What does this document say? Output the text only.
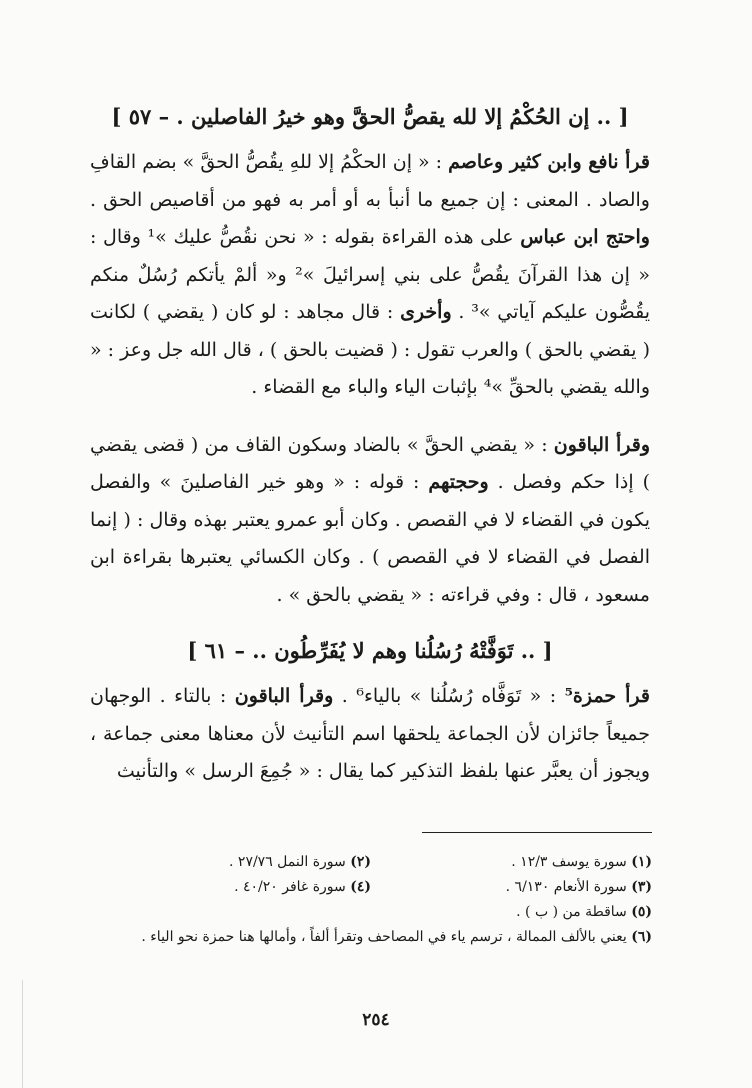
[ .. إن الحُكْمُ إلا لله يقصُّ الحقَّ وهو خيرُ الفاصلين . – ٥٧ ]

قرأ نافع وابن كثير وعاصم : « إن الحكْمُ إلا للهِ يقُصُّ الحقَّ » بضم القافِ والصاد . المعنى : إن جميع ما أنبأ به أو أمر به فهو من أقاصيص الحق . واحتج ابن عباس على هذه القراءة بقوله : « نحن نقُصُّ عليك »¹ وقال : « إن هذا القرآنَ يقُصُّ على بني إسرائيلَ »² و« ألمْ يأتكم رُسُلٌ منكم يقُصُّون عليكم آياتي »³ . وأخرى : قال مجاهد : لو كان ( يقضي ) لكانت ( يقضي بالحق ) والعرب تقول : ( قضيت بالحق ) ، قال الله جل وعز : « والله يقضي بالحقِّ »⁴ بإثبات الياء والباء مع القضاء .

وقرأ الباقون : « يقضي الحقَّ » بالضاد وسكون القاف من ( قضى يقضي ) إذا حكم وفصل . وحجتهم : قوله : « وهو خير الفاصلينَ » والفصل يكون في القضاء لا في القصص . وكان أبو عمرو يعتبر بهذه وقال : ( إنما الفصل في القضاء لا في القصص ) . وكان الكسائي يعتبرها بقراءة ابن مسعود ، قال : وفي قراءته : « يقضي بالحق » .

[ .. تَوَفَّتْهُ رُسُلُنا وهم لا يُفَرِّطُون .. – ٦١ ]

قرأ حمزة⁵ : « تَوَفَّاه رُسُلُنا » بالياء⁶ . وقرأ الباقون : بالتاء . الوجهان جميعاً جائزان لأن الجماعة يلحقها اسم التأنيث لأن معناها معنى جماعة ، ويجوز أن يعبَّر عنها بلفظ التذكير كما يقال : « جُمِعَ الرسل » والتأنيث

(١) سورة يوسف ١٢/٣ .
(٢) سورة النمل ٢٧/٧٦ .
(٣) سورة الأنعام ٦/١٣٠ .
(٤) سورة غافر ٤٠/٢٠ .
(٥) ساقطة من ( ب ) .
(٦) يعني بالألف الممالة ، ترسم ياء في المصاحف وتقرأ ألفاً ، وأمالها هنا حمزة نحو الياء .
٢٥٤
